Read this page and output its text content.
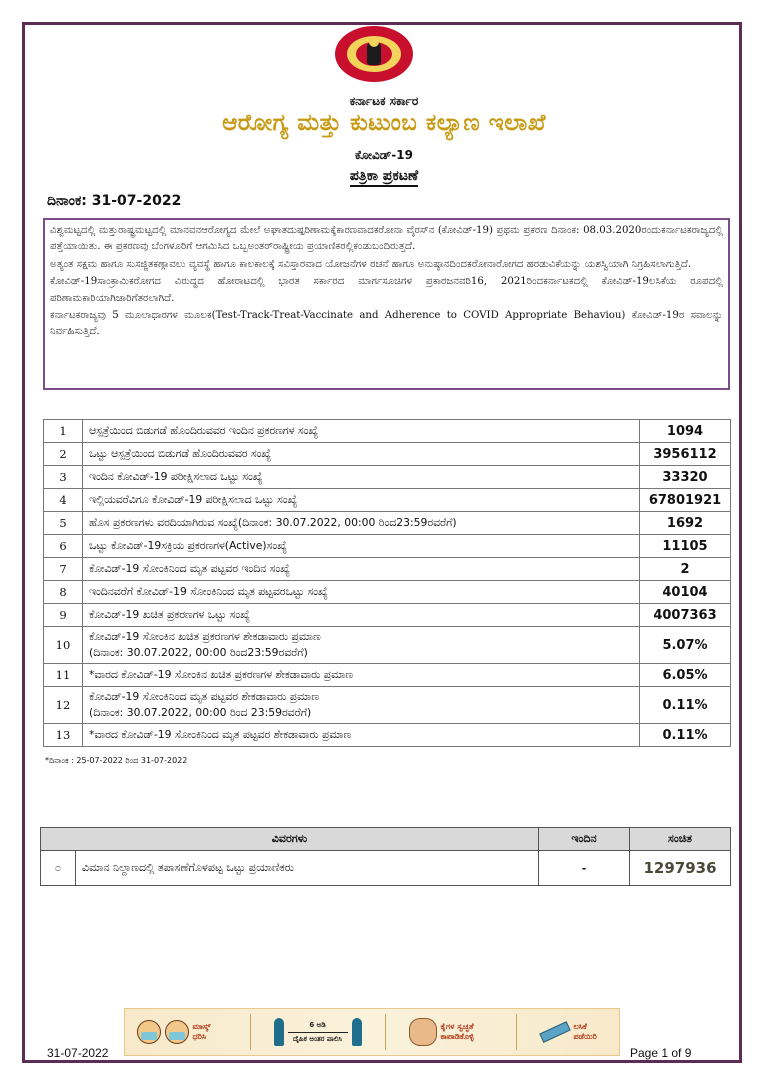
ಕರ್ನಾಟಕ ಸರ್ಕಾರ
ಆರೋಗ್ಯ ಮತ್ತು ಕುಟುಂಬ ಕಲ್ಯಾಣ ಇಲಾಖೆ
ಕೋವಿಡ್-19
ಪತ್ರಿಕಾ ಪ್ರಕಟಣೆ
ದಿನಾಂಕ: 31-07-2022

ವಿಶ್ವಮಟ್ಟದಲ್ಲಿ ಮತ್ತುರಾಷ್ಟ್ರಮಟ್ಟದಲ್ಲಿ ಮಾನವನಆರೋಗ್ಯದ ಮೇಲೆ ಅಘಾತದುಷ್ಪರಿಣಾಮಕ್ಕೆಕಾರಣವಾದಕರೋನಾ ವೈರಸ್‌ನ (ಕೋವಿಡ್-19) ಪ್ರಥಮ ಪ್ರಕರಣ ದಿನಾಂಕ: 08.03.2020ರಂದುಕರ್ನಾಟಕರಾಜ್ಯದಲ್ಲಿ ಪತ್ತೆಯಾಯಿತು. ಈ ಪ್ರಕರಣವು ಬೆಂಗಳೂರಿಗೆ ಆಗಮಿಸಿದ ಒಬ್ಬಅಂತರ್‌ರಾಷ್ಟ್ರೀಯ ಪ್ರಯಾಣಿಕರಲ್ಲಿಕಂಡುಬಂದಿರುತ್ತದೆ.

ಅತ್ಯಂತ ಸಕ್ಷಮ ಹಾಗೂ ಸುಸಜ್ಜಿತಕಣ್ಗಾವಲು ವ್ಯವಸ್ಥೆ ಹಾಗೂ ಕಾಲಕಾಲಕ್ಕೆ ಸವಿಸ್ತಾರವಾದ ಯೋಜನೆಗಳ ರಚನೆ ಹಾಗೂ ಅನುಷ್ಠಾನದಿಂದಕರೋನಾರೋಗದ ಹರಡುವಿಕೆಯನ್ನು ಯಶಸ್ವಿಯಾಗಿ ನಿಗ್ರಹಿಸಲಾಗುತ್ತಿದೆ.

ಕೋವಿಡ್-19ಸಾಂಕ್ರಾಮಿಕರೋಗದ ವಿರುದ್ಧದ ಹೋರಾಟದಲ್ಲಿ ಭಾರತ ಸರ್ಕಾರದ ಮಾರ್ಗಸೂಚಿಗಳ ಪ್ರಕಾರಜನವರಿ16, 2021ರಿಂದಕರ್ನಾಟಕದಲ್ಲಿ ಕೋವಿಡ್-19ಲಸಿಕೆಯ ರೂಪದಲ್ಲಿ ಪರಿಣಾಮಕಾರಿಯಾಗಿಜಾರಿಗೆತರಲಾಗಿದೆ.

ಕರ್ನಾಟಕರಾಜ್ಯವು 5 ಮೂಲಾಧಾರಗಳ ಮೂಲಕ(Test-Track-Treat-Vaccinate and Adherence to COVID Appropriate Behaviou) ಕೋವಿಡ್-19ರ ಸವಾಲನ್ನು ನಿರ್ವಹಿಸುತ್ತಿದೆ.

1	ಆಸ್ಪತ್ರೆಯಿಂದ ಬಿಡುಗಡೆ ಹೊಂದಿರುವವರ ಇಂದಿನ ಪ್ರಕರಣಗಳ ಸಂಖ್ಯೆ	1094
2	ಒಟ್ಟು ಆಸ್ಪತ್ರೆಯಿಂದ ಬಿಡುಗಡೆ ಹೊಂದಿರುವವರ ಸಂಖ್ಯೆ	3956112
3	ಇಂದಿನ ಕೋವಿಡ್-19 ಪರೀಕ್ಷಿಸಲಾದ ಒಟ್ಟು ಸಂಖ್ಯೆ	33320
4	ಇಲ್ಲಿಯವರೆವಿಗೂ ಕೋವಿಡ್-19 ಪರೀಕ್ಷಿಸಲಾದ ಒಟ್ಟು ಸಂಖ್ಯೆ	67801921
5	ಹೊಸ ಪ್ರಕರಣಗಳು ವರದಿಯಾಗಿರುವ ಸಂಖ್ಯೆ(ದಿನಾಂಕ: 30.07.2022, 00:00 ರಿಂದ23:59ರವರೆಗೆ)	1692
6	ಒಟ್ಟು ಕೋವಿಡ್-19ಸಕ್ರಿಯ ಪ್ರಕರಣಗಳ(Active)ಸಂಖ್ಯೆ	11105
7	ಕೋವಿಡ್-19 ಸೋಂಕಿನಿಂದ ಮೃತ ಪಟ್ಟವರ ಇಂದಿನ ಸಂಖ್ಯೆ	2
8	ಇಂದಿನವರೆಗೆ ಕೋವಿಡ್-19 ಸೋಂಕಿನಿಂದ ಮೃತ ಪಟ್ಟವರಒಟ್ಟು ಸಂಖ್ಯೆ	40104
9	ಕೋವಿಡ್-19 ಖಚಿತ ಪ್ರಕರಣಗಳ ಒಟ್ಟು ಸಂಖ್ಯೆ	4007363
10	ಕೋವಿಡ್-19 ಸೋಂಕಿನ ಖಚಿತ ಪ್ರಕರಣಗಳ ಶೇಕಡಾವಾರು ಪ್ರಮಾಣ
(ದಿನಾಂಕ: 30.07.2022, 00:00 ರಿಂದ23:59ರವರೆಗೆ)	5.07%
11	*ವಾರದ ಕೋವಿಡ್-19 ಸೋಂಕಿನ ಖಚಿತ ಪ್ರಕರಣಗಳ ಶೇಕಡಾವಾರು ಪ್ರಮಾಣ	6.05%
12	ಕೋವಿಡ್-19 ಸೋಂಕಿನಿಂದ ಮೃತ ಪಟ್ಟವರ ಶೇಕಡಾವಾರು ಪ್ರಮಾಣ
(ದಿನಾಂಕ: 30.07.2022, 00:00 ರಿಂದ 23:59ರವರೆಗೆ)	0.11%
13	*ವಾರದ ಕೋವಿಡ್-19 ಸೋಂಕಿನಿಂದ ಮೃತ ಪಟ್ಟವರ ಶೇಕಡಾವಾರು ಪ್ರಮಾಣ	0.11%
*ದಿನಾಂಕ : 25-07-2022 ರಿಂದ 31-07-2022
ವಿವರಗಳು		ಇಂದಿನ	ಸಂಚಿತ
೦	ವಿಮಾನ ನಿಲ್ದಾಣದಲ್ಲಿ ತಪಾಸಣೆಗೊಳಪಟ್ಟ ಒಟ್ಟು ಪ್ರಯಾಣಿಕರು	-	1297936
ಮಾಸ್ಕ್ ಧರಿಸಿ
6 ಅಡಿ
ದೈಹಿಕ ಅಂತರ ಪಾಲಿಸಿ
ಕೈಗಳ ಸ್ವಚ್ಛತೆ ಕಾಪಾಡಿಕೊಳ್ಳಿ
ಲಸಿಕೆ ಪಡೆಯಿರಿ
31-07-2022	Page 1 of 9
